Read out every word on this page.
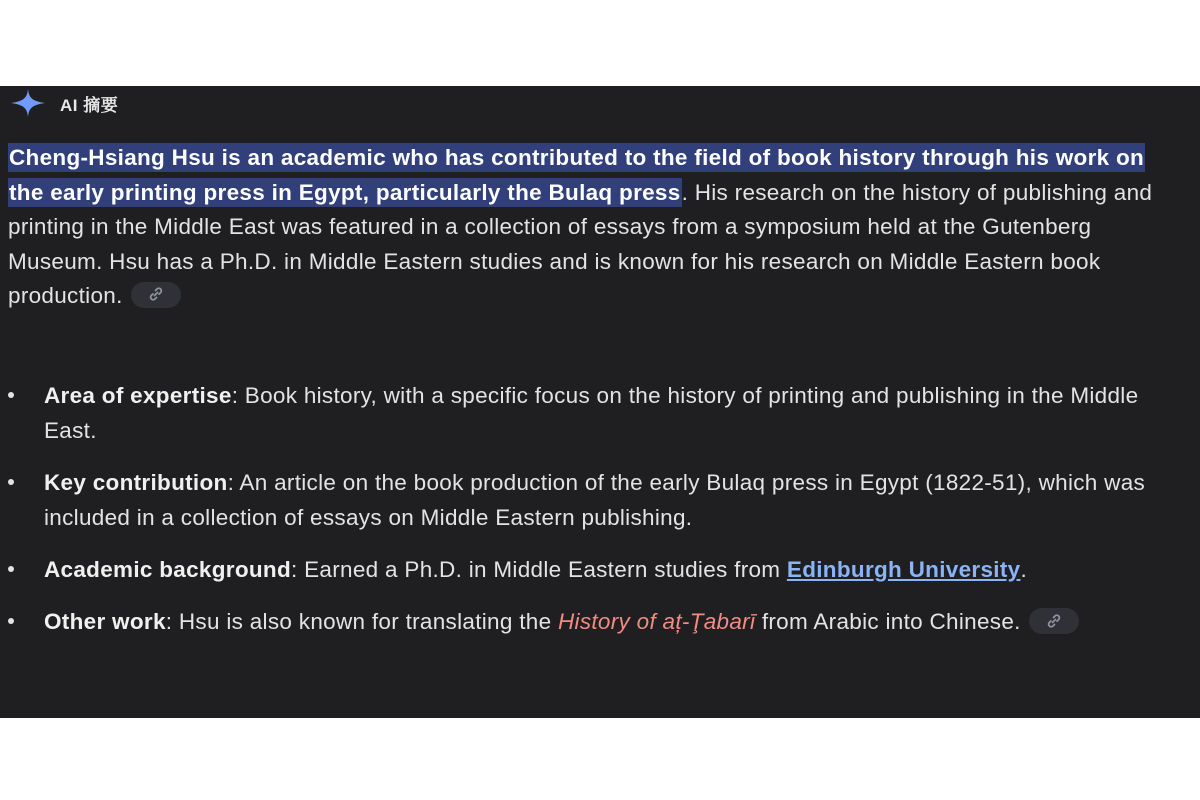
AI 摘要
Cheng-Hsiang Hsu is an academic who has contributed to the field of book history through his work on the early printing press in Egypt, particularly the Bulaq press. His research on the history of publishing and printing in the Middle East was featured in a collection of essays from a symposium held at the Gutenberg Museum. Hsu has a Ph.D. in Middle Eastern studies and is known for his research on Middle Eastern book production.
Area of expertise: Book history, with a specific focus on the history of printing and publishing in the Middle East.
Key contribution: An article on the book production of the early Bulaq press in Egypt (1822-51), which was included in a collection of essays on Middle Eastern publishing.
Academic background: Earned a Ph.D. in Middle Eastern studies from Edinburgh University.
Other work: Hsu is also known for translating the History of aț-Ţabarī from Arabic into Chinese.
